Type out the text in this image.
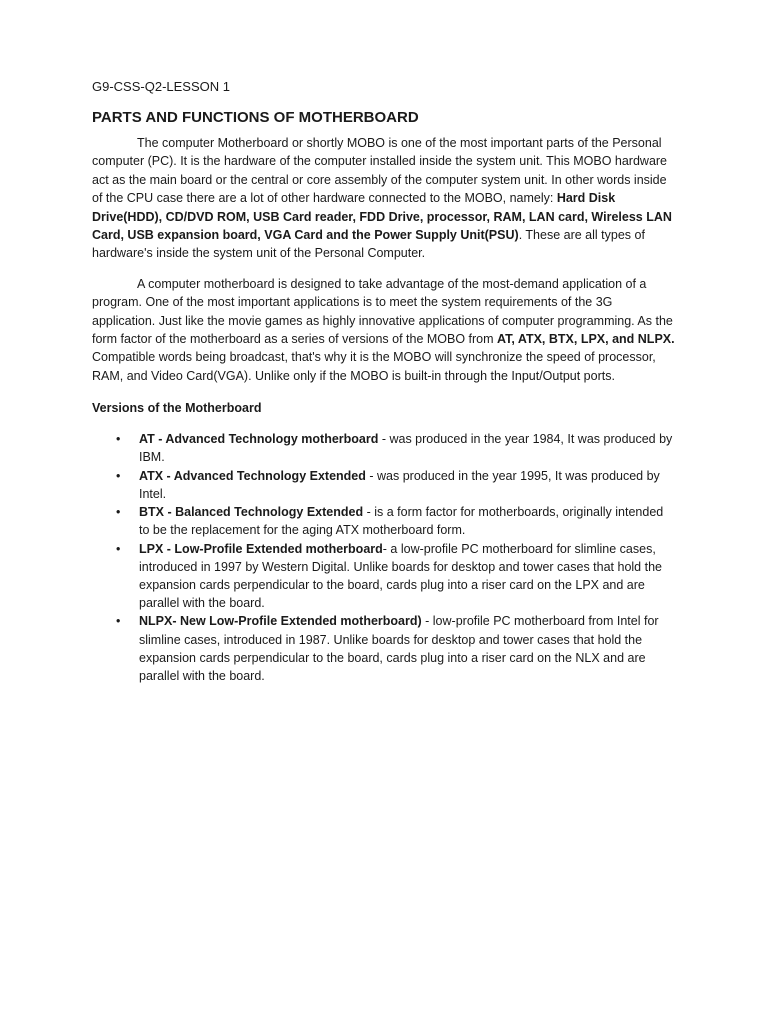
G9-CSS-Q2-LESSON 1
PARTS AND FUNCTIONS OF MOTHERBOARD

The computer Motherboard or shortly MOBO is one of the most important parts of the Personal computer (PC). It is the hardware of the computer installed inside the system unit. This MOBO hardware act as the main board or the central or core assembly of the computer system unit. In other words inside of the CPU case there are a lot of other hardware connected to the MOBO, namely: Hard Disk Drive(HDD), CD/DVD ROM, USB Card reader, FDD Drive, processor, RAM, LAN card, Wireless LAN Card, USB expansion board, VGA Card and the Power Supply Unit(PSU). These are all types of hardware's inside the system unit of the Personal Computer.

A computer motherboard is designed to take advantage of the most-demand application of a program. One of the most important applications is to meet the system requirements of the 3G application. Just like the movie games as highly innovative applications of computer programming. As the form factor of the motherboard as a series of versions of the MOBO from AT, ATX, BTX, LPX, and NLPX. Compatible words being broadcast, that's why it is the MOBO will synchronize the speed of processor, RAM, and Video Card(VGA). Unlike only if the MOBO is built-in through the Input/Output ports.

Versions of the Motherboard
• AT - Advanced Technology motherboard - was produced in the year 1984, It was produced by IBM.
• ATX - Advanced Technology Extended - was produced in the year 1995, It was produced by Intel.
• BTX - Balanced Technology Extended - is a form factor for motherboards, originally intended to be the replacement for the aging ATX motherboard form.
• LPX - Low-Profile Extended motherboard- a low-profile PC motherboard for slimline cases, introduced in 1997 by Western Digital. Unlike boards for desktop and tower cases that hold the expansion cards perpendicular to the board, cards plug into a riser card on the LPX and are parallel with the board.
• NLPX- New Low-Profile Extended motherboard) - low-profile PC motherboard from Intel for slimline cases, introduced in 1987. Unlike boards for desktop and tower cases that hold the expansion cards perpendicular to the board, cards plug into a riser card on the NLX and are parallel with the board.
